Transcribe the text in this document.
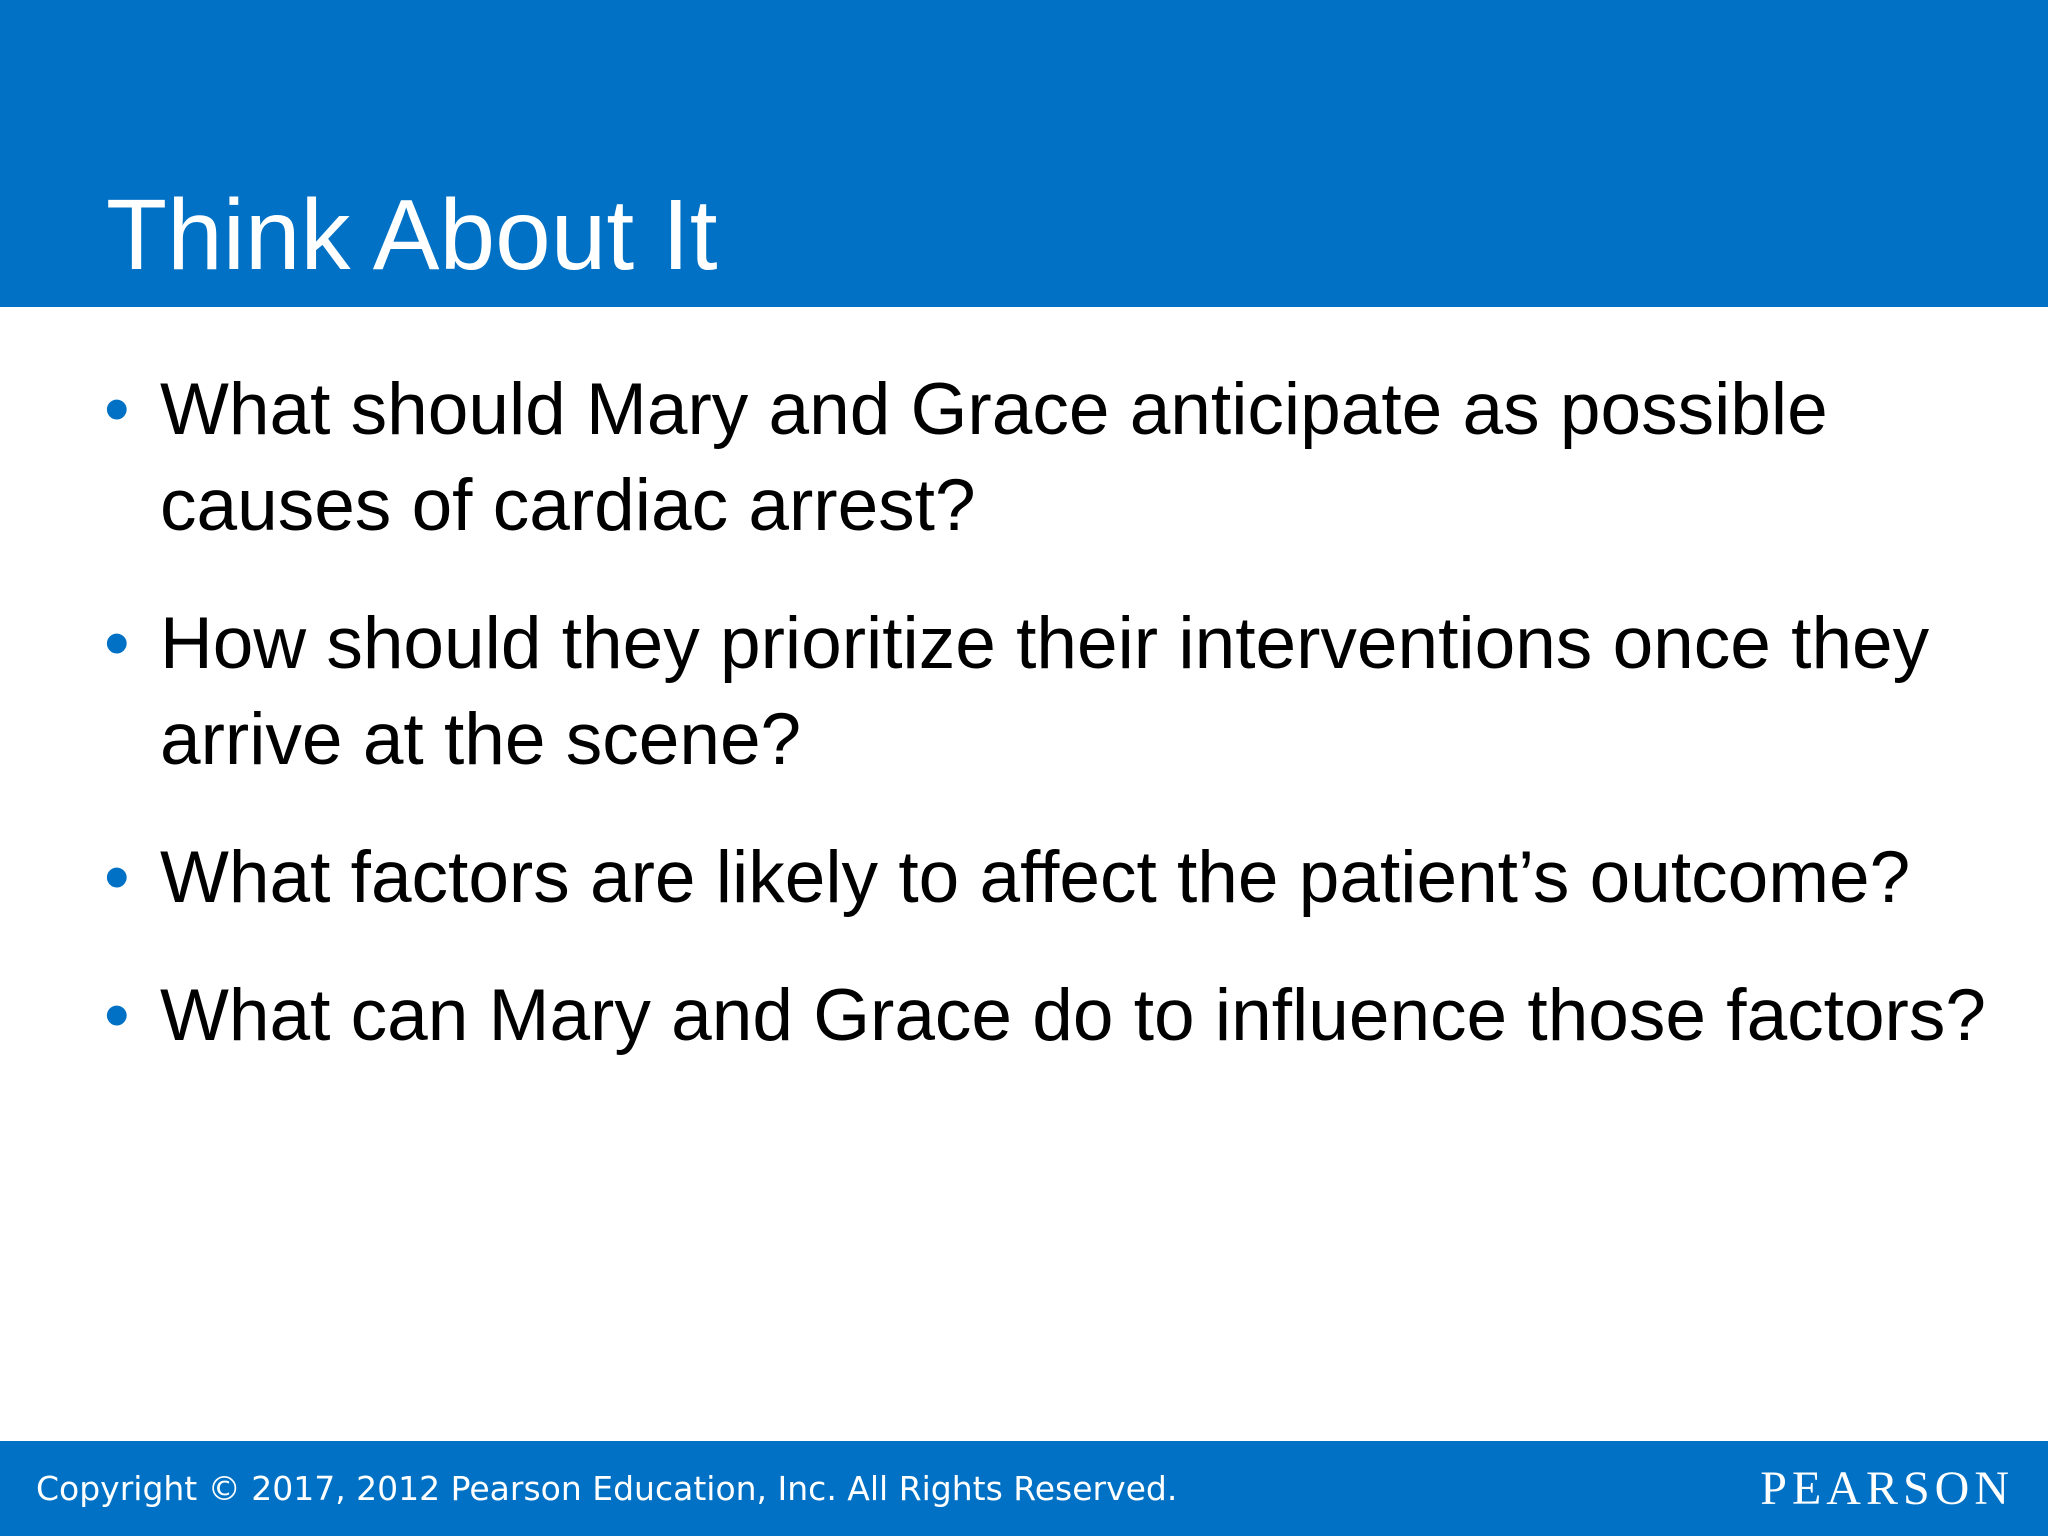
Think About It
• What should Mary and Grace anticipate as possible causes of cardiac arrest?
• How should they prioritize their interventions once they arrive at the scene?
• What factors are likely to affect the patient’s outcome?
• What can Mary and Grace do to influence those factors?
Copyright © 2017, 2012 Pearson Education, Inc. All Rights Reserved.	PEARSON
